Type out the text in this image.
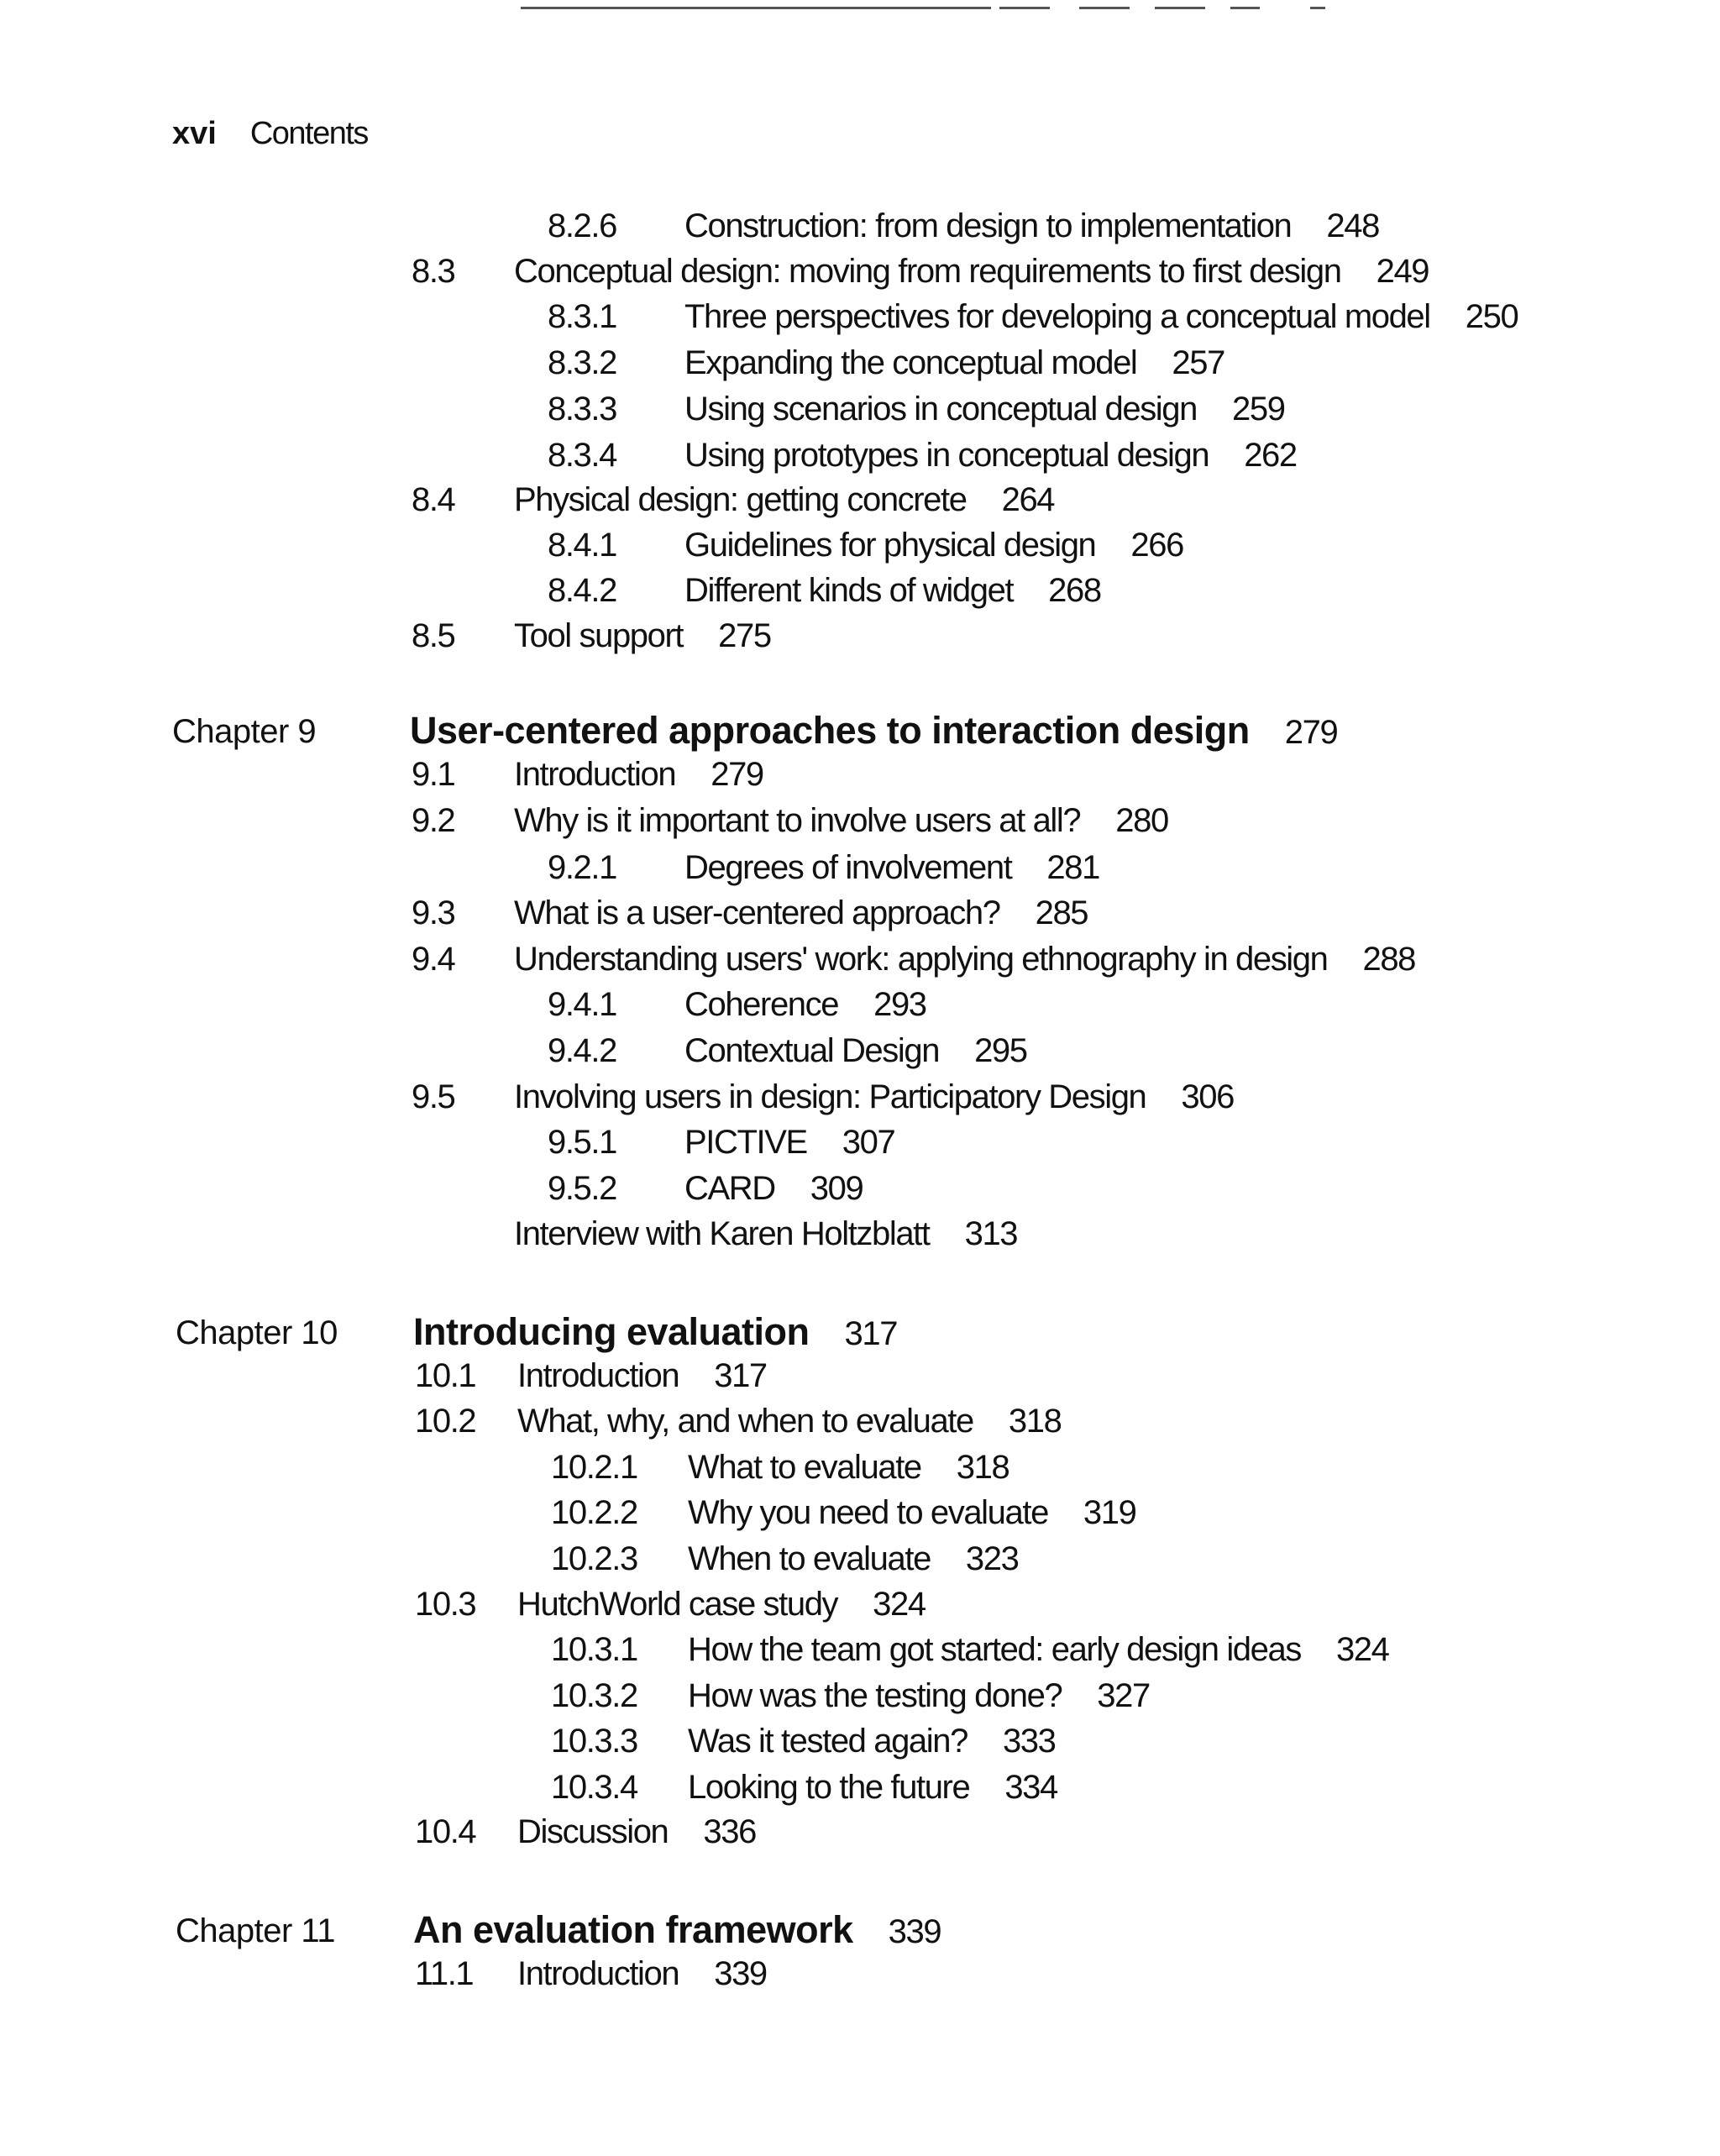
xvi Contents
8.2.6 Construction: from design to implementation 248
8.3 Conceptual design: moving from requirements to first design 249
8.3.1 Three perspectives for developing a conceptual model 250
8.3.2 Expanding the conceptual model 257
8.3.3 Using scenarios in conceptual design 259
8.3.4 Using prototypes in conceptual design 262
8.4 Physical design: getting concrete 264
8.4.1 Guidelines for physical design 266
8.4.2 Different kinds of widget 268
8.5 Tool support 275
Chapter 9 User-centered approaches to interaction design 279
9.1 Introduction 279
9.2 Why is it important to involve users at all? 280
9.2.1 Degrees of involvement 281
9.3 What is a user-centered approach? 285
9.4 Understanding users' work: applying ethnography in design 288
9.4.1 Coherence 293
9.4.2 Contextual Design 295
9.5 Involving users in design: Participatory Design 306
9.5.1 PICTIVE 307
9.5.2 CARD 309
Interview with Karen Holtzblatt 313
Chapter 10 Introducing evaluation 317
10.1 Introduction 317
10.2 What, why, and when to evaluate 318
10.2.1 What to evaluate 318
10.2.2 Why you need to evaluate 319
10.2.3 When to evaluate 323
10.3 HutchWorld case study 324
10.3.1 How the team got started: early design ideas 324
10.3.2 How was the testing done? 327
10.3.3 Was it tested again? 333
10.3.4 Looking to the future 334
10.4 Discussion 336
Chapter 11 An evaluation framework 339
11.1 Introduction 339
